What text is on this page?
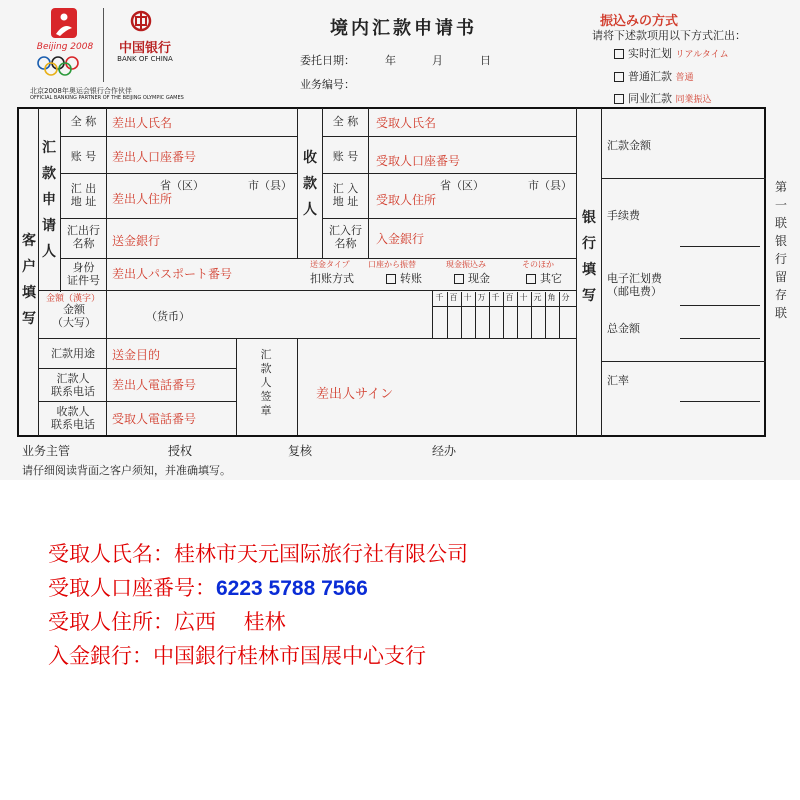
Beijing 2008	中国银行
BANK OF CHINA
北京2008年奥运会银行合作伙伴
OFFICIAL BANKING PARTNER OF THE BEIJING OLYMPIC GAMES
境内汇款申请书
委托日期：	年	月	日
业务编号：
振込みの方式
请将下述款项用以下方式汇出：
实时汇划 リアルタイム
普通汇款 普通
同业汇款 同業振込
客
户
填
写
汇
款
申
请
人
收
款
人	银
行
填
写
第
一
联
银
行
留
存
联
全 称	差出人氏名
账 号	差出人口座番号
汇 出
地 址
省（区）	市（县）
差出人住所
汇出行
名称	送金銀行
身份
证件号	差出人パスポート番号
全 称	受取人氏名
账 号	受取人口座番号
汇 入
地 址
省（区）	市（县）
受取人住所
汇入行
名称	入金銀行
送金タイプ 口座から振替	現金振込み	そのほか
扣账方式	转账	现金	其它
金額（漢字）
金额
（大写）	（货币）
千 百 十 万 千 百 十 元 角 分
汇款用途	送金目的
汇款人
联系电话	差出人電話番号
收款人
联系电话	受取人電話番号
汇
款
人
签
章
差出人サイン
汇款金额
手续费
电子汇划费
（邮电费）
总金额
汇率
业务主管	授权	复核	经办
请仔细阅读背面之客户须知，并准确填写。
受取人氏名：桂林市天元国际旅行社有限公司
受取人口座番号：6223 5788 7566
受取人住所：広西　 桂林
入金銀行：中国銀行桂林市国展中心支行
